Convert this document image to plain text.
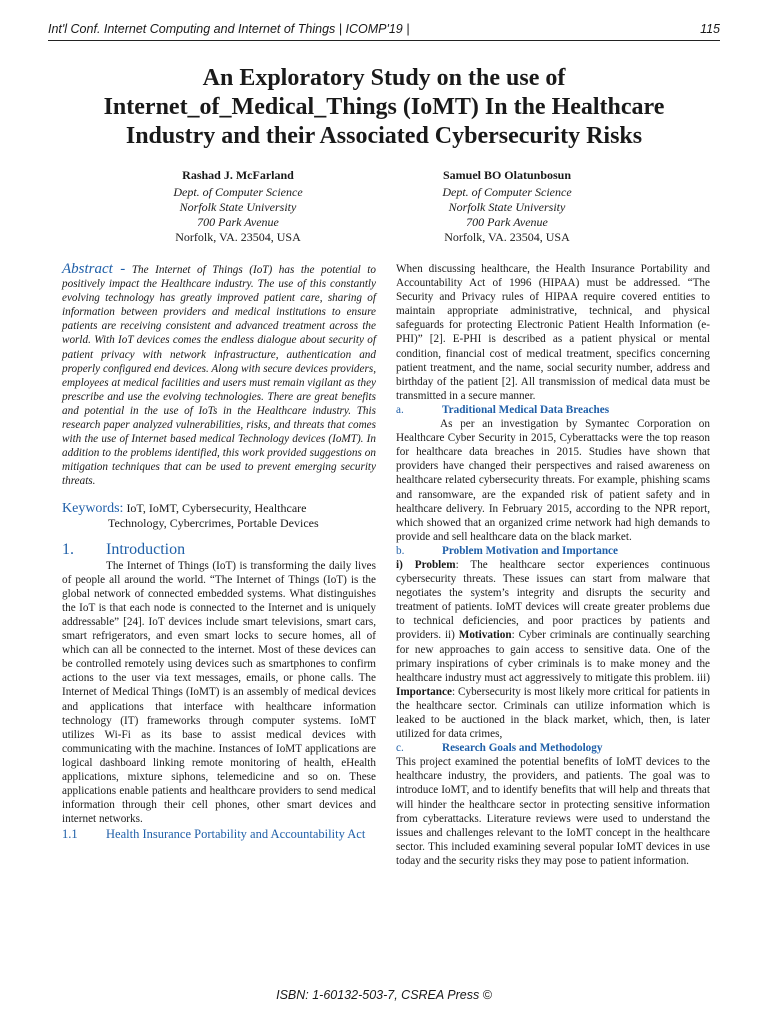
Int'l Conf. Internet Computing and Internet of Things | ICOMP'19 |	115
An Exploratory Study on the use of Internet_of_Medical_Things (IoMT) In the Healthcare Industry and their Associated Cybersecurity Risks
Rashad J. McFarland
Dept. of Computer Science
Norfolk State University
700 Park Avenue
Norfolk, VA. 23504, USA
Samuel BO Olatunbosun
Dept. of Computer Science
Norfolk State University
700 Park Avenue
Norfolk, VA. 23504, USA

Abstract - The Internet of Things (IoT) has the potential to positively impact the Healthcare industry. The use of this constantly evolving technology has greatly improved patient care, sharing of information between providers and medical institutions to ensure patients are receiving consistent and advanced treatment across the world. With IoT devices comes the endless dialogue about security of patient privacy with network infrastructure, authentication and properly configured end devices. Along with secure devices providers, employees at medical facilities and users must remain vigilant as they prescribe and use the evolving technologies. There are great benefits and potential in the use of IoTs in the Healthcare industry. This research paper analyzed vulnerabilities, risks, and threats that comes with the use of Internet based medical Technology devices (IoMT). In addition to the problems identified, this work provided suggestions on mitigation techniques that can be used to prevent emerging security threats.

Keywords: IoT, IoMT, Cybersecurity, Healthcare
Technology, Cybercrimes, Portable Devices
1. Introduction

The Internet of Things (IoT) is transforming the daily lives of people all around the world. “The Internet of Things (IoT) is the global network of connected embedded systems. What distinguishes the IoT is that each node is connected to the Internet and is uniquely addressable” [24]. IoT devices include smart televisions, smart cars, smart refrigerators, and even smart locks to secure homes, all of which can all be connected to the internet. Most of these devices can be controlled remotely using devices such as smartphones to confirm actions to the user via text messages, emails, or phone calls. The Internet of Medical Things (IoMT) is an assembly of medical devices and applications that interface with healthcare information technology (IT) frameworks through computer systems. IoMT utilizes Wi-Fi as its base to assist medical devices with communicating with the machine. Instances of IoMT applications are logical dashboard linking remote monitoring of health, eHealth applications, mixture siphons, telemedicine and so on. These applications enable patients and healthcare providers to send medical information through their cell phones, other smart devices and internet networks.

1.1 Health Insurance Portability and Accountability Act

When discussing healthcare, the Health Insurance Portability and Accountability Act of 1996 (HIPAA) must be addressed. “The Security and Privacy rules of HIPAA require covered entities to maintain appropriate administrative, technical, and physical safeguards for protecting Electronic Patient Health Information (e-PHI)” [2]. E-PHI is described as a patient physical or mental condition, financial cost of medical treatment, specifics concerning patient treatment, and the name, social security number, address and birthday of the patient [2]. All transmission of medical data must be transmitted in a secure manner.

a.	Traditional Medical Data Breaches

As per an investigation by Symantec Corporation on Healthcare Cyber Security in 2015, Cyberattacks were the top reason for healthcare data breaches in 2015. Studies have shown that providers have changed their perspectives and raised awareness on healthcare related cybersecurity threats. For example, phishing scams and ransomware, are the expanded risk of patient safety and in healthcare delivery. In February 2015, according to the NPR report, which showed that an organized crime network had high demands to provide and sell healthcare data on the black market.

b.	Problem Motivation and Importance

i) Problem: The healthcare sector experiences continuous cybersecurity threats. These issues can start from malware that negotiates the system’s integrity and disrupts the security and treatment of patients. IoMT devices will create greater problems due to technical deficiencies, and poor practices by patients and providers. ii) Motivation: Cyber criminals are continually searching for new approaches to gain access to sensitive data. One of the primary inspirations of cyber criminals is to make money and the healthcare industry must act aggressively to mitigate this problem. iii) Importance: Cybersecurity is most likely more critical for patients in the healthcare sector. Criminals can utilize information which is leaked to be auctioned in the black market, which, then, is later utilized for data crimes,

c.	Research Goals and Methodology

This project examined the potential benefits of IoMT devices to the healthcare industry, the providers, and patients. The goal was to introduce IoMT, and to identify benefits that will help and threats that will hinder the healthcare sector in protecting sensitive information from cyberattacks. Literature reviews were used to understand the issues and challenges relevant to the IoMT concept in the healthcare sector. This included examining several popular IoMT devices in use today and the security risks they may pose to patient information.

ISBN: 1-60132-503-7, CSREA Press ©
